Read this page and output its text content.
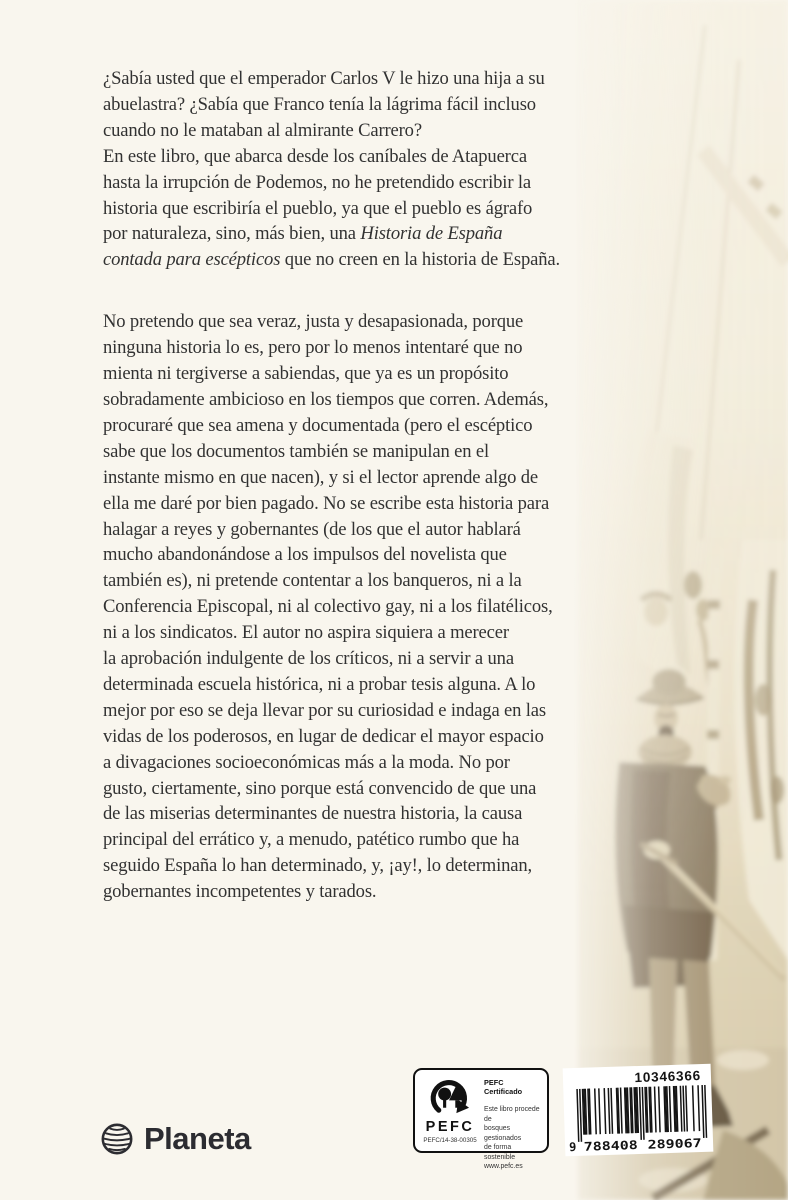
¿Sabía usted que el emperador Carlos V le hizo una hija a su
abuelastra? ¿Sabía que Franco tenía la lágrima fácil incluso
cuando no le mataban al almirante Carrero?
En este libro, que abarca desde los caníbales de Atapuerca
hasta la irrupción de Podemos, no he pretendido escribir la
historia que escribiría el pueblo, ya que el pueblo es ágrafo
por naturaleza, sino, más bien, una Historia de España
contada para escépticos que no creen en la historia de España.
No pretendo que sea veraz, justa y desapasionada, porque
ninguna historia lo es, pero por lo menos intentaré que no
mienta ni tergiverse a sabiendas, que ya es un propósito
sobradamente ambicioso en los tiempos que corren. Además,
procuraré que sea amena y documentada (pero el escéptico
sabe que los documentos también se manipulan en el
instante mismo en que nacen), y si el lector aprende algo de
ella me daré por bien pagado. No se escribe esta historia para
halagar a reyes y gobernantes (de los que el autor hablará
mucho abandonándose a los impulsos del novelista que
también es), ni pretende contentar a los banqueros, ni a la
Conferencia Episcopal, ni al colectivo gay, ni a los filatélicos,
ni a los sindicatos. El autor no aspira siquiera a merecer
la aprobación indulgente de los críticos, ni a servir a una
determinada escuela histórica, ni a probar tesis alguna. A lo
mejor por eso se deja llevar por su curiosidad e indaga en las
vidas de los poderosos, en lugar de dedicar el mayor espacio
a divagaciones socioeconómicas más a la moda. No por
gusto, ciertamente, sino porque está convencido de que una
de las miserias determinantes de nuestra historia, la causa
principal del errático y, a menudo, patético rumbo que ha
seguido España lo han determinado, y, ¡ay!, lo determinan,
gobernantes incompetentes y tarados.
Planeta	PEFC
PEFC/14-38-00305
PEFC Certificado
Este libro procede de
bosques gestionados
de forma sostenible
www.pefc.es
10346366
9 788408	289067
